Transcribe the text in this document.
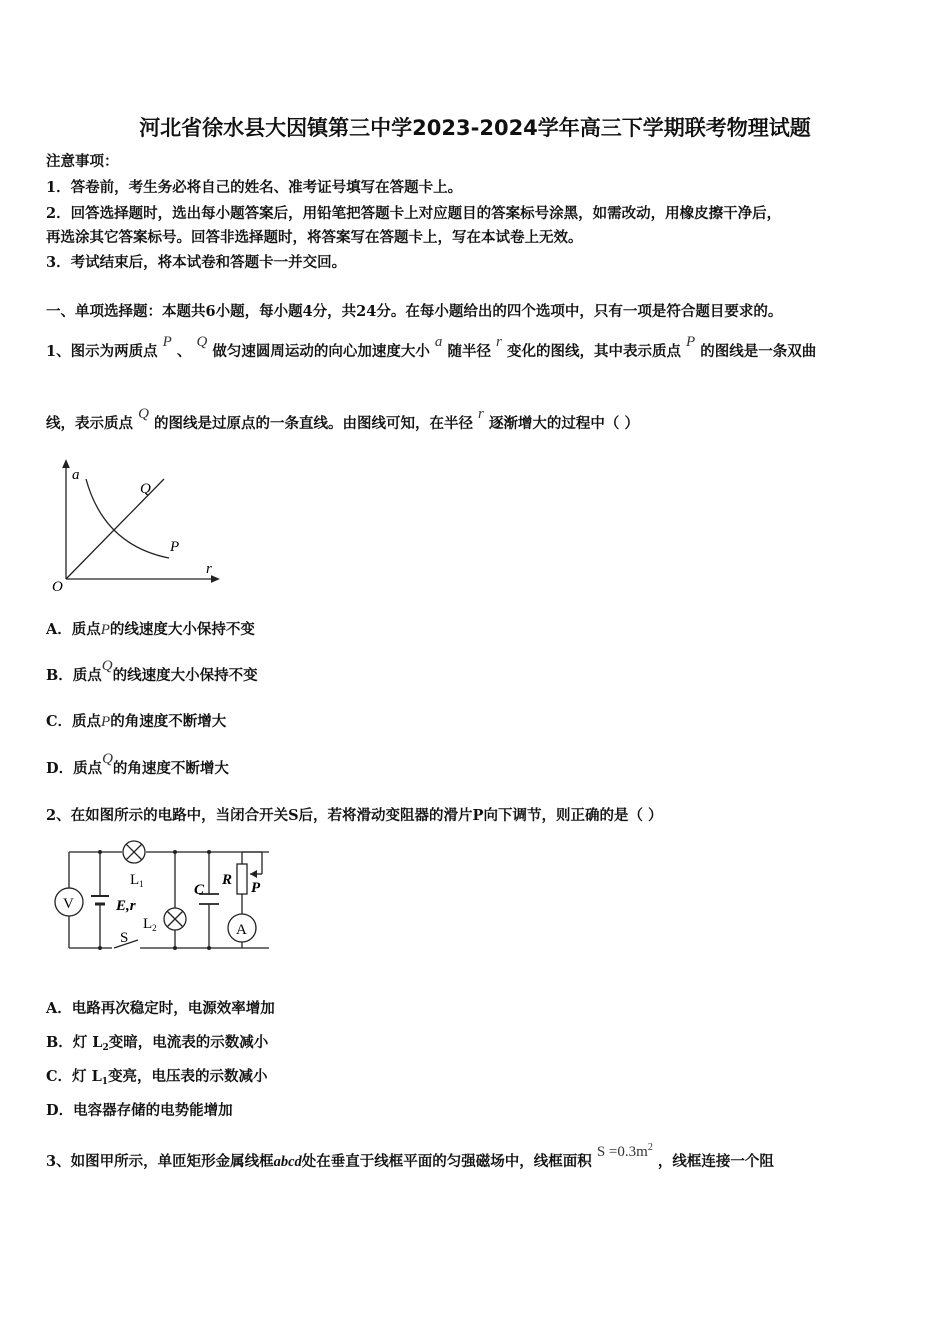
河北省徐水县大因镇第三中学2023-2024学年高三下学期联考物理试题
注意事项：
1．答卷前，考生务必将自己的姓名、准考证号填写在答题卡上。
2．回答选择题时，选出每小题答案后，用铅笔把答题卡上对应题目的答案标号涂黑，如需改动，用橡皮擦干净后，
再选涂其它答案标号。回答非选择题时，将答案写在答题卡上，写在本试卷上无效。
3．考试结束后，将本试卷和答题卡一并交回。
一、单项选择题：本题共6小题，每小题4分，共24分。在每小题给出的四个选项中，只有一项是符合题目要求的。
1、图示为两质点 P 、 Q 做匀速圆周运动的向心加速度大小 a 随半径 r 变化的图线，其中表示质点 P 的图线是一条双曲
线，表示质点 Q 的图线是过原点的一条直线。由图线可知，在半径 r 逐渐增大的过程中（ ）
a
r
O
Q
P
A．质点P的线速度大小保持不变
B．质点Q的线速度大小保持不变
C．质点P的角速度不断增大
D．质点Q的角速度不断增大
2、在如图所示的电路中，当闭合开关S后，若将滑动变阻器的滑片P向下调节，则正确的是（ ）
V
A
$L_1$
$L_2$
E,r
S
C
R P
A．电路再次稳定时，电源效率增加
B．灯 $L_2$变暗，电流表的示数减小
C．灯 $L_1$变亮，电压表的示数减小
D．电容器存储的电势能增加
3、如图甲所示，单匝矩形金属线框abcd处在垂直于线框平面的匀强磁场中，线框面积 $S =0.3m^2$ ，线框连接一个阻
